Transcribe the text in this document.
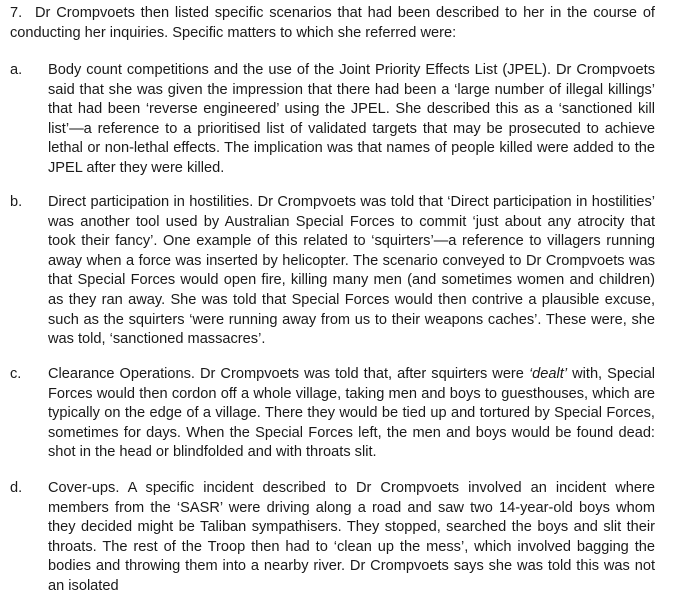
7. Dr Crompvoets then listed specific scenarios that had been described to her in the course of conducting her inquiries. Specific matters to which she referred were:
a.	Body count competitions and the use of the Joint Priority Effects List (JPEL). Dr Crompvoets said that she was given the impression that there had been a ‘large number of illegal killings’ that had been ‘reverse engineered’ using the JPEL. She described this as a ‘sanctioned kill list’—a reference to a prioritised list of validated targets that may be prosecuted to achieve lethal or non-lethal effects. The implication was that names of people killed were added to the JPEL after they were killed.
b.	Direct participation in hostilities. Dr Crompvoets was told that ‘Direct participation in hostilities’ was another tool used by Australian Special Forces to commit ‘just about any atrocity that took their fancy’. One example of this related to ‘squirters’—a reference to villagers running away when a force was inserted by helicopter. The scenario conveyed to Dr Crompvoets was that Special Forces would open fire, killing many men (and sometimes women and children) as they ran away. She was told that Special Forces would then contrive a plausible excuse, such as the squirters ‘were running away from us to their weapons caches’. These were, she was told, ‘sanctioned massacres’.
c.	Clearance Operations. Dr Crompvoets was told that, after squirters were ‘dealt’ with, Special Forces would then cordon off a whole village, taking men and boys to guesthouses, which are typically on the edge of a village. There they would be tied up and tortured by Special Forces, sometimes for days. When the Special Forces left, the men and boys would be found dead: shot in the head or blindfolded and with throats slit.
d.	Cover-ups. A specific incident described to Dr Crompvoets involved an incident where members from the ‘SASR’ were driving along a road and saw two 14-year-old boys whom they decided might be Taliban sympathisers. They stopped, searched the boys and slit their throats. The rest of the Troop then had to ‘clean up the mess’, which involved bagging the bodies and throwing them into a nearby river. Dr Crompvoets says she was told this was not an isolated
